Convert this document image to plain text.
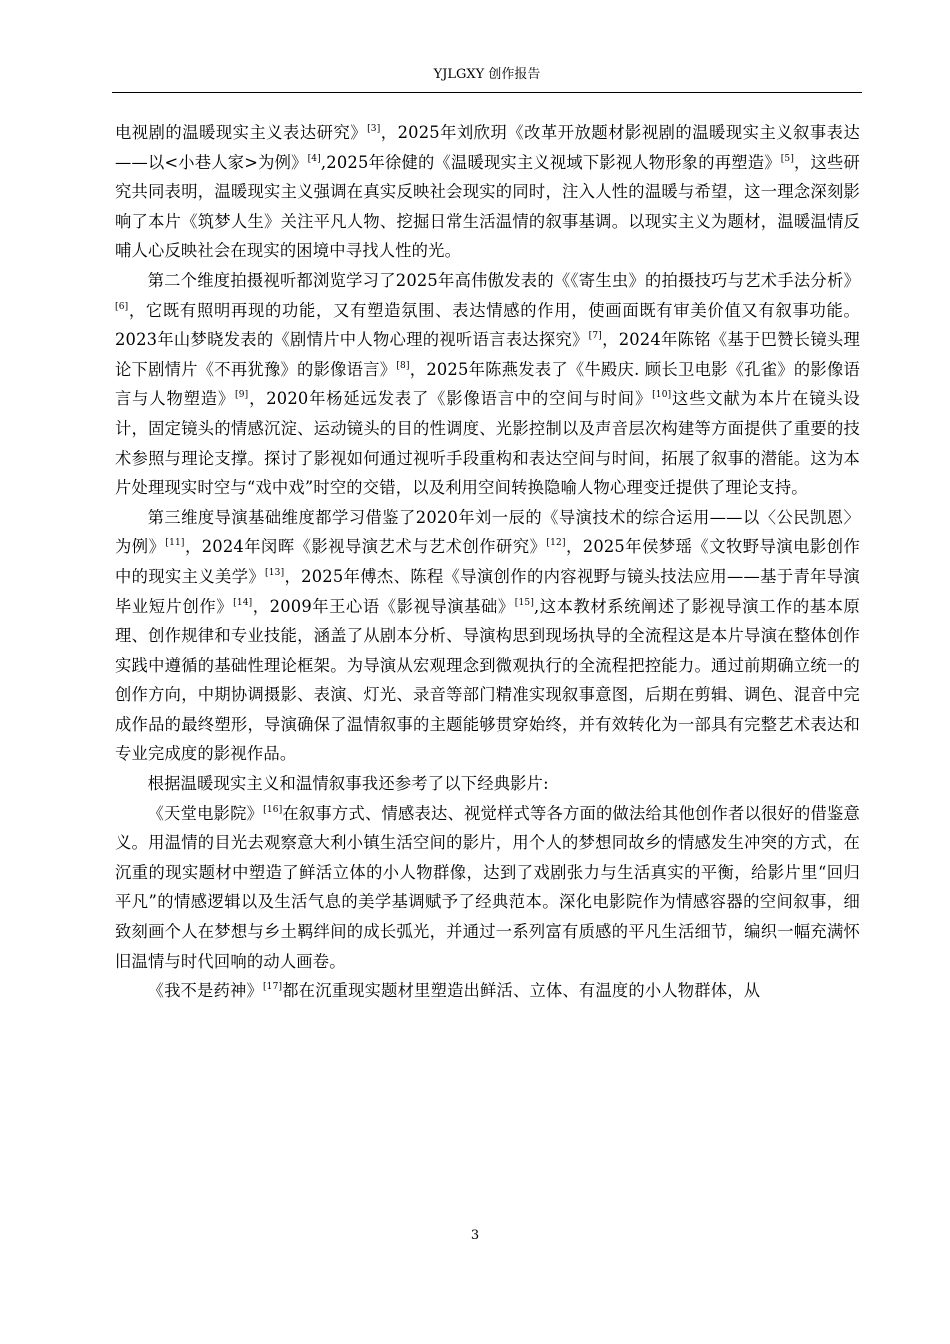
YJLGXY 创作报告

电视剧的温暖现实主义表达研究》[3]，2025年刘欣玥《改革开放题材影视剧的温暖现实主义叙事表达——以<小巷人家>为例》[4],2025年徐健的《温暖现实主义视域下影视人物形象的再塑造》[5]，这些研究共同表明，温暖现实主义强调在真实反映社会现实的同时，注入人性的温暖与希望，这一理念深刻影响了本片《筑梦人生》关注平凡人物、挖掘日常生活温情的叙事基调。以现实主义为题材，温暖温情反哺人心反映社会在现实的困境中寻找人性的光。

第二个维度拍摄视听都浏览学习了2025年高伟傲发表的《《寄生虫》的拍摄技巧与艺术手法分析》[6]，它既有照明再现的功能，又有塑造氛围、表达情感的作用，使画面既有审美价值又有叙事功能。2023年山梦晓发表的《剧情片中人物心理的视听语言表达探究》[7]，2024年陈铭《基于巴赞长镜头理论下剧情片《不再犹豫》的影像语言》[8]，2025年陈燕发表了《牛殿庆. 顾长卫电影《孔雀》的影像语言与人物塑造》[9]，2020年杨延远发表了《影像语言中的空间与时间》[10]这些文献为本片在镜头设计，固定镜头的情感沉淀、运动镜头的目的性调度、光影控制以及声音层次构建等方面提供了重要的技术参照与理论支撑。探讨了影视如何通过视听手段重构和表达空间与时间，拓展了叙事的潜能。这为本片处理现实时空与“戏中戏”时空的交错，以及利用空间转换隐喻人物心理变迁提供了理论支持。

第三维度导演基础维度都学习借鉴了2020年刘一辰的《导演技术的综合运用——以〈公民凯恩〉为例》[11]，2024年闵晖《影视导演艺术与艺术创作研究》[12]，2025年侯梦瑶《文牧野导演电影创作中的现实主义美学》[13]，2025年傅杰、陈程《导演创作的内容视野与镜头技法应用——基于青年导演毕业短片创作》[14]，2009年王心语《影视导演基础》[15],这本教材系统阐述了影视导演工作的基本原理、创作规律和专业技能，涵盖了从剧本分析、导演构思到现场执导的全流程这是本片导演在整体创作实践中遵循的基础性理论框架。为导演从宏观理念到微观执行的全流程把控能力。通过前期确立统一的创作方向，中期协调摄影、表演、灯光、录音等部门精准实现叙事意图，后期在剪辑、调色、混音中完成作品的最终塑形，导演确保了温情叙事的主题能够贯穿始终，并有效转化为一部具有完整艺术表达和专业完成度的影视作品。

根据温暖现实主义和温情叙事我还参考了以下经典影片:

《天堂电影院》[16]在叙事方式、情感表达、视觉样式等各方面的做法给其他创作者以很好的借鉴意义。用温情的目光去观察意大利小镇生活空间的影片，用个人的梦想同故乡的情感发生冲突的方式，在沉重的现实题材中塑造了鲜活立体的小人物群像，达到了戏剧张力与生活真实的平衡，给影片里“回归平凡”的情感逻辑以及生活气息的美学基调赋予了经典范本。深化电影院作为情感容器的空间叙事，细致刻画个人在梦想与乡土羁绊间的成长弧光，并通过一系列富有质感的平凡生活细节，编织一幅充满怀旧温情与时代回响的动人画卷。

《我不是药神》[17]都在沉重现实题材里塑造出鲜活、立体、有温度的小人物群体，从

3
